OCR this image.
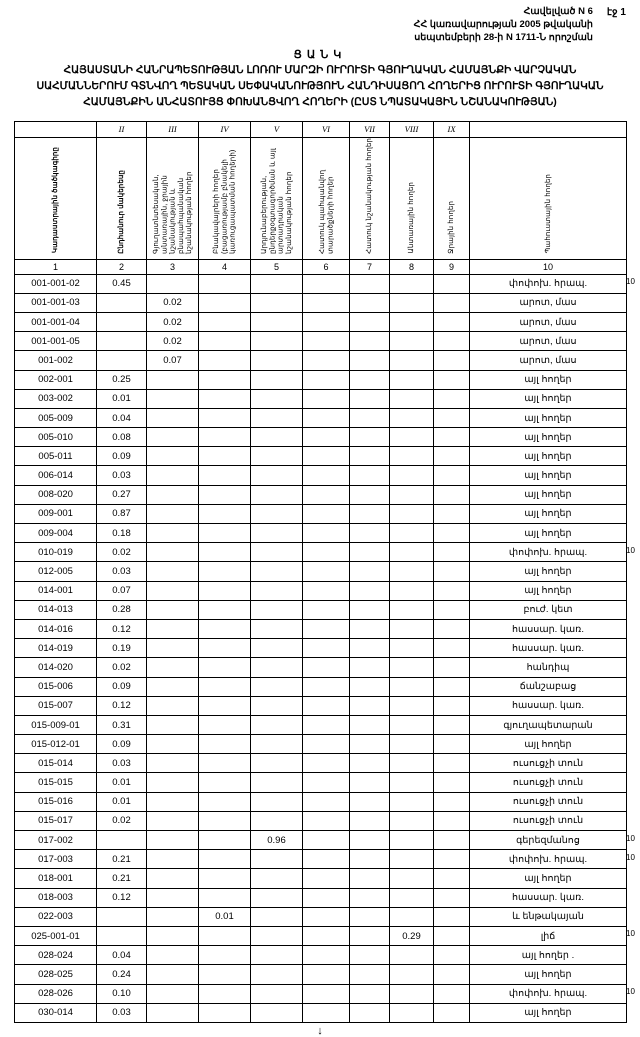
Հավելված N 6
ՀՀ կառավարության 2005 թվականի
սեպտեմբերի 28-ի N 1711-Ն որոշման
էջ 1
ՑԱՆԿ
ՀԱՅԱՍՏԱՆԻ ՀԱՆՐԱՊԵՏՈՒԹՅԱՆ ԼՈՌՈՒ ՄԱՐԶԻ ՈՒՐՈՒՏԻ ԳՅՈՒՂԱԿԱՆ ՀԱՄԱՅՆՔԻ ՎԱՐՉԱԿԱՆ ՍԱՀՄԱՆՆԵՐՈՒՄ ԳՏՆՎՈՂ ՊԵՏԱԿԱՆ ՍԵՓԱԿԱՆՈՒԹՅՈՒՆ ՀԱՆԴԻՍԱՑՈՂ ՀՈՂԵՐԻՑ ՈՒՐՈՒՏԻ ԳՅՈՒՂԱԿԱՆ ՀԱՄԱՅՆՔԻՆ ԱՆՀԱՏՈՒՅՑ ՓՈԽԱՆՑՎՈՂ ՀՈՂԵՐԻ (ԸՍՏ ՆՊԱՏԱԿԱՅԻՆ ՆՇԱՆԱԿՈՒԹՅԱՆ)
	II	III	IV	V	VI	VII	VIII	IX	
Կադաստրային ծածկագիրը	Ընդհանուր մակերեսը	Գյուղատնտեսական, անտառային, ջրային նշանակության և բնապահպանական նշանակության հողեր	Բնակավայրերի հողեր (բացառությամբ բնակելի կառուցապատման հողերի)	Արդյունաբերության, ընդերքօգտագործման և այլ արտադրական նշանակության հողեր	Հատուկ պահպանվող տարածքների հողեր	Հատուկ նշանակության հողեր	Անտառային հողեր	Ջրային հողեր	Պահուստային հողեր
1	2	3	4	5	6	7	8	9	10
001-001-02	0.45								փոփոխ. հրապ.
001-001-03		0.02							արոտ, մաս
001-001-04		0.02							արոտ, մաս
001-001-05		0.02							արոտ, մաս
001-002		0.07							արոտ, մաս
002-001	0.25								այլ հողեր
003-002	0.01								այլ հողեր
005-009	0.04								այլ հողեր
005-010	0.08								այլ հողեր
005-011	0.09								այլ հողեր
006-014	0.03								այլ հողեր
008-020	0.27								այլ հողեր
009-001	0.87								այլ հողեր
009-004	0.18								այլ հողեր
010-019	0.02								փոփոխ. հրապ.
012-005	0.03								այլ հողեր
014-001	0.07								այլ հողեր
014-013	0.28								բուժ. կետ
014-016	0.12								հասսար. կառ.
014-019	0.19								հասսար. կառ.
014-020	0.02								հանդիպ
015-006	0.09								ճանշաբաց
015-007	0.12								հասսար. կառ.
015-009-01	0.31								գյուղապետարան
015-012-01	0.09								այլ հողեր
015-014	0.03								ուսուցչի տուն
015-015	0.01								ուսուցչի տուն
015-016	0.01								ուսուցչի տուն
015-017	0.02								ուսուցչի տուն
017-002				0.96					գերեզմանոց
017-003	0.21								փոփոխ. հրապ.
018-001	0.21								այլ հողեր
018-003	0.12								հասսար. կառ.
022-003			0.01						և ենթակայան
025-001-01							0.29		լիճ
028-024	0.04								այլ հողեր .
028-025	0.24								այլ հողեր
028-026	0.10								փոփոխ. հրապ.
030-014	0.03								այլ հողեր
↓
10
10
10
10
10
10
